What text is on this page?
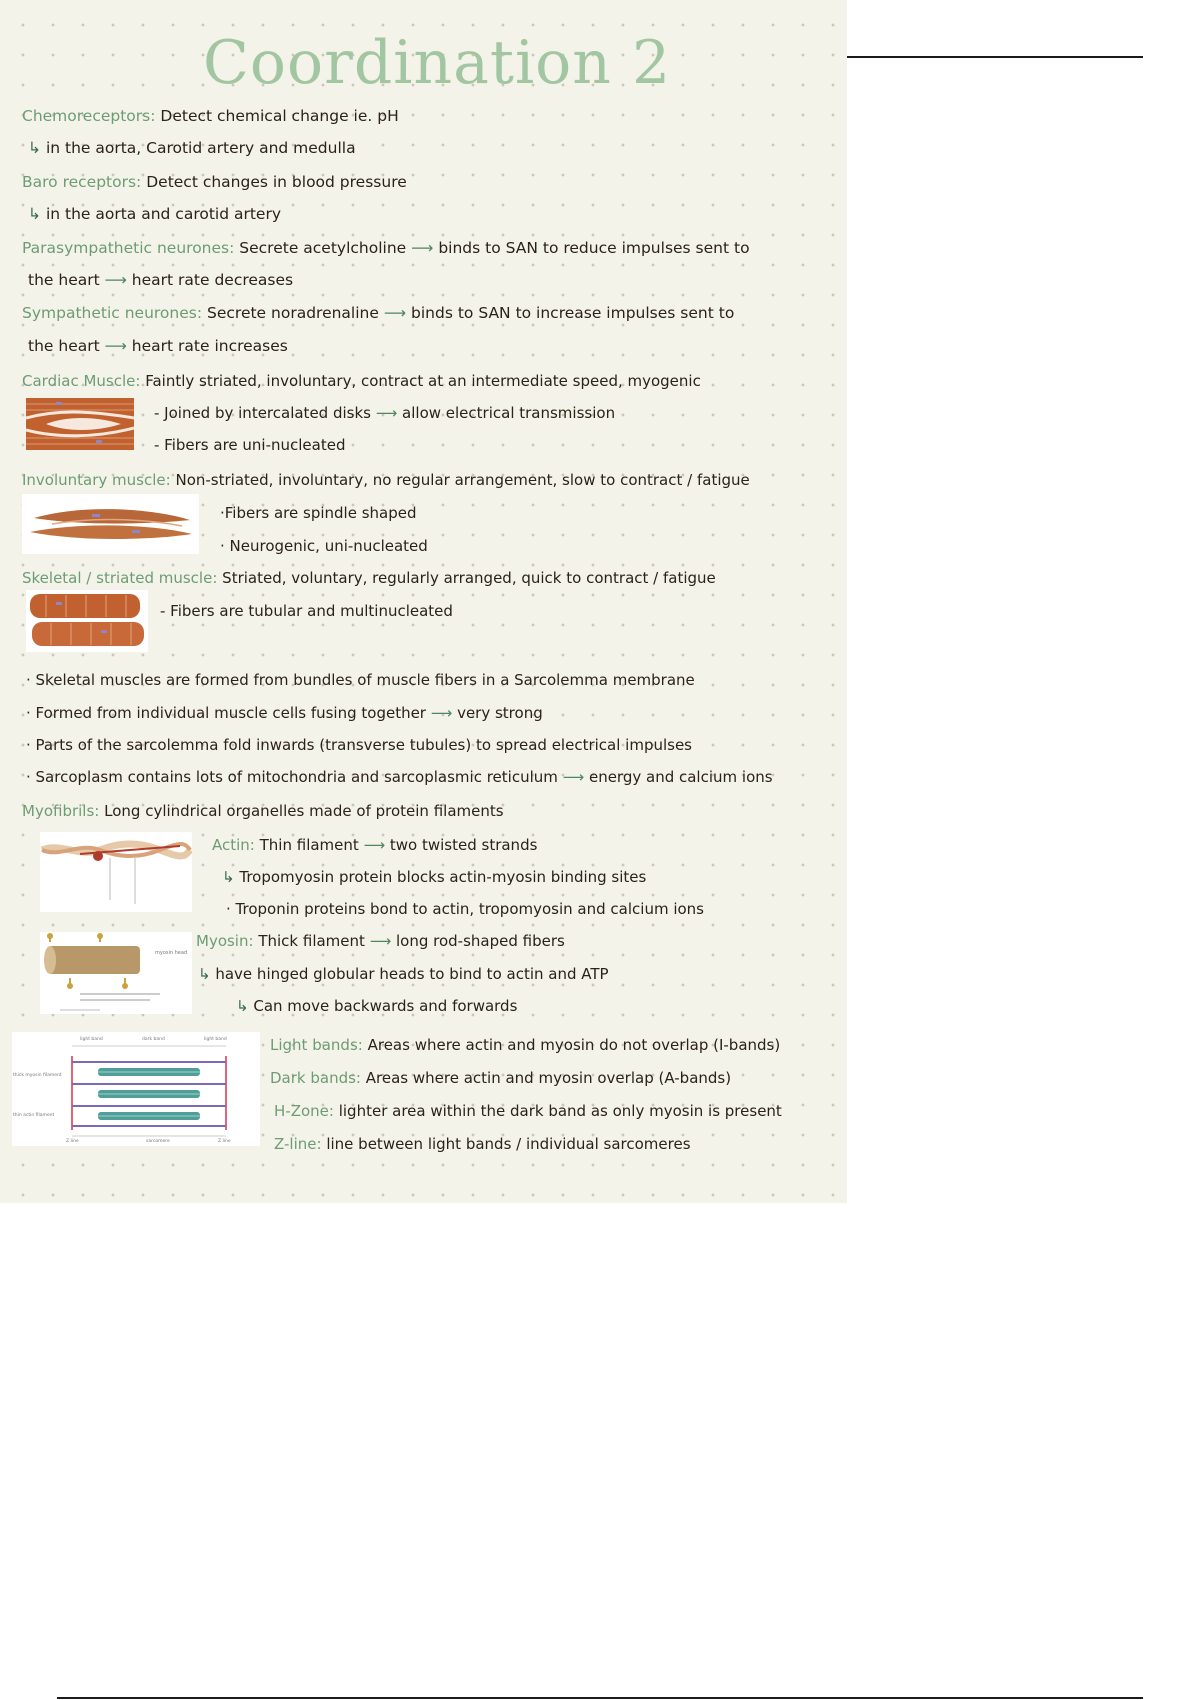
Coordination 2
Chemoreceptors: Detect chemical change ie. pH
↳ in the aorta, Carotid artery and medulla
Baro receptors: Detect changes in blood pressure
↳ in the aorta and carotid artery
Parasympathetic neurones: Secrete acetylcholine ⟶ binds to SAN to reduce impulses sent to
the heart ⟶ heart rate decreases
Sympathetic neurones: Secrete noradrenaline ⟶ binds to SAN to increase impulses sent to
the heart ⟶ heart rate increases
Cardiac Muscle: Faintly striated, involuntary, contract at an intermediate speed, myogenic
- Joined by intercalated disks ⟶ allow electrical transmission
- Fibers are uni-nucleated
Involuntary muscle: Non-striated, involuntary, no regular arrangement, slow to contract / fatigue
·Fibers are spindle shaped
· Neurogenic, uni-nucleated
Skeletal / striated muscle: Striated, voluntary, regularly arranged, quick to contract / fatigue
- Fibers are tubular and multinucleated
· Skeletal muscles are formed from bundles of muscle fibers in a Sarcolemma membrane
· Formed from individual muscle cells fusing together ⟶ very strong
· Parts of the sarcolemma fold inwards (transverse tubules) to spread electrical impulses
· Sarcoplasm contains lots of mitochondria and sarcoplasmic reticulum ⟶ energy and calcium ions
Myofibrils: Long cylindrical organelles made of protein filaments
Actin: Thin filament ⟶ two twisted strands
↳ Tropomyosin protein blocks actin-myosin binding sites
· Troponin proteins bond to actin, tropomyosin and calcium ions
myosin head
Myosin: Thick filament ⟶ long rod-shaped fibers
↳ have hinged globular heads to bind to actin and ATP
↳ Can move backwards and forwards
light band	dark band	light band
thick myosin filament
thin actin filament
Z line	sarcomere	Z line
Light bands: Areas where actin and myosin do not overlap (I-bands)
Dark bands: Areas where actin and myosin overlap (A-bands)
H-Zone: lighter area within the dark band as only myosin is present
Z-line: line between light bands / individual sarcomeres
